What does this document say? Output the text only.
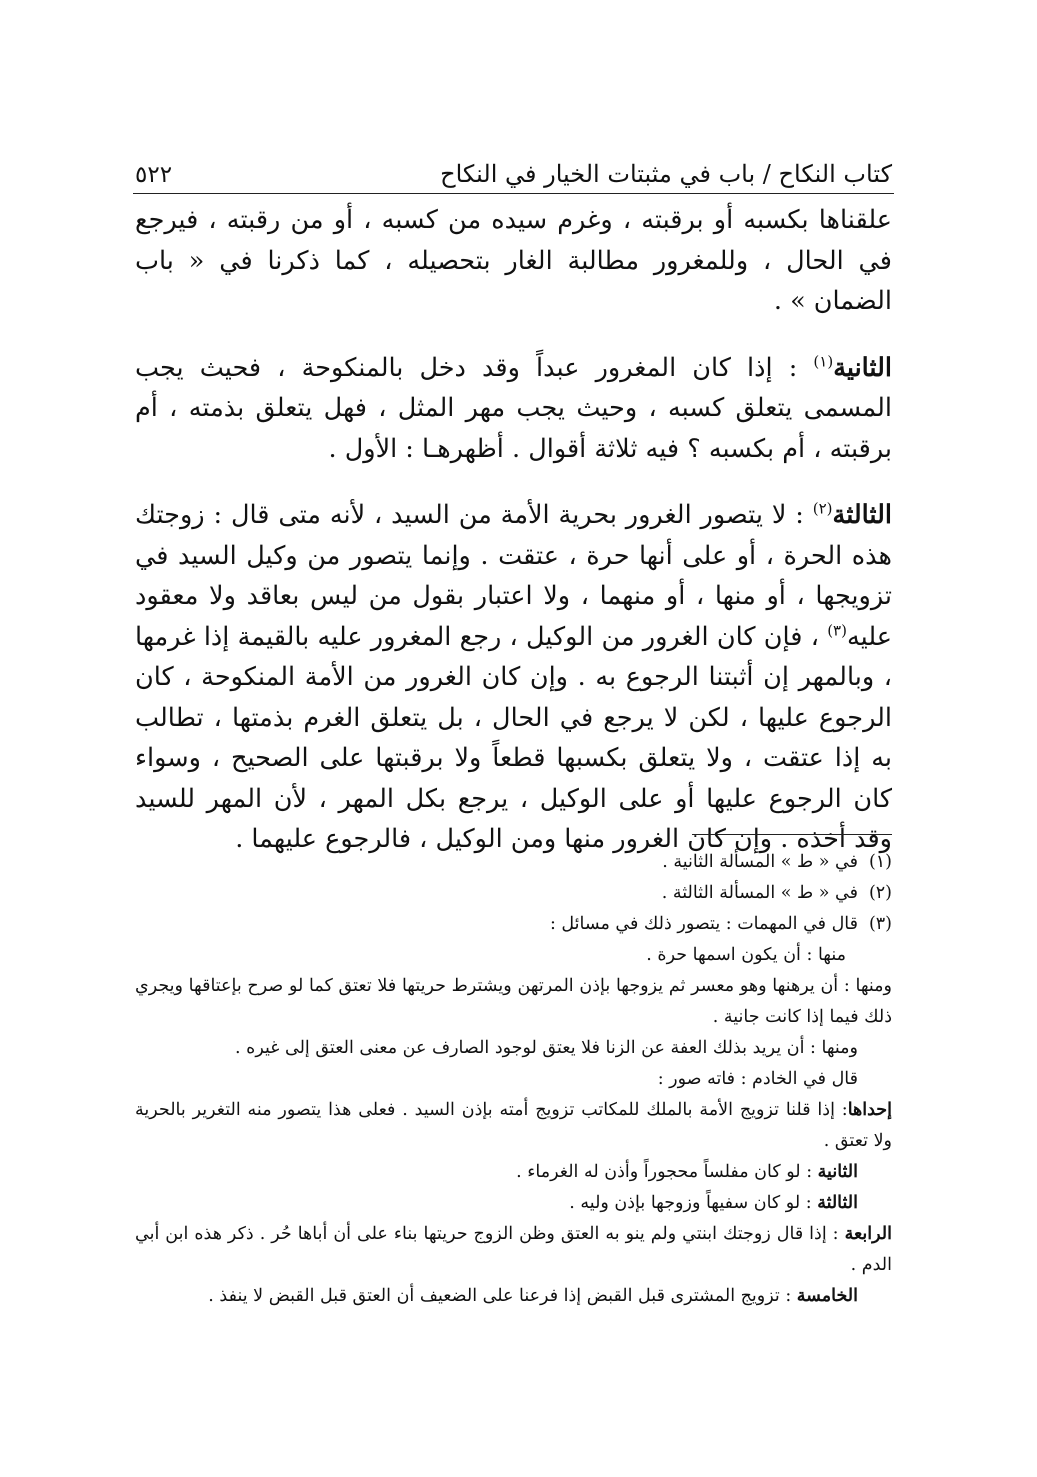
كتاب النكاح / باب في مثبتات الخيار في النكاح
٥٢٢

علقناها بكسبه أو برقبته ، وغرم سيده من كسبه ، أو من رقبته ، فيرجع في الحال ، وللمغرور مطالبة الغار بتحصيله ، كما ذكرنا في « باب الضمان » .

الثانية$^{(١)}$ : إذا كان المغرور عبداً وقد دخل بالمنكوحة ، فحيث يجب المسمى يتعلق كسبه ، وحيث يجب مهر المثل ، فهل يتعلق بذمته ، أم برقبته ، أم بكسبه ؟ فيه ثلاثة أقوال . أظهرهـا : الأول .

الثالثة$^{(٢)}$ : لا يتصور الغرور بحرية الأمة من السيد ، لأنه متى قال : زوجتك هذه الحرة ، أو على أنها حرة ، عتقت . وإنما يتصور من وكيل السيد في تزويجها ، أو منها ، أو منهما ، ولا اعتبار بقول من ليس بعاقد ولا معقود عليه$^{(٣)}$ ، فإن كان الغرور من الوكيل ، رجع المغرور عليه بالقيمة إذا غرمها ، وبالمهر إن أثبتنا الرجوع به . وإن كان الغرور من الأمة المنكوحة ، كان الرجوع عليها ، لكن لا يرجع في الحال ، بل يتعلق الغرم بذمتها ، تطالب به إذا عتقت ، ولا يتعلق بكسبها قطعاً ولا برقبتها على الصحيح ، وسواء كان الرجوع عليها أو على الوكيل ، يرجع بكل المهر ، لأن المهر للسيد وقد أخذه . وإن كان الغرور منها ومن الوكيل ، فالرجوع عليهما .

(١)في « ط » المسألة الثانية .

(٢)في « ط » المسألة الثالثة .

(٣)قال في المهمات : يتصور ذلك في مسائل :

منها : أن يكون اسمها حرة .

ومنها : أن يرهنها وهو معسر ثم يزوجها بإذن المرتهن ويشترط حريتها فلا تعتق كما لو صرح بإعتاقها ويجري ذلك فيما إذا كانت جانية .

ومنها : أن يريد بذلك العفة عن الزنا فلا يعتق لوجود الصارف عن معنى العتق إلى غيره .

قال في الخادم : فاته صور :

إحداها: إذا قلنا تزويج الأمة بالملك للمكاتب تزويج أمته بإذن السيد . فعلى هذا يتصور منه التغرير بالحرية ولا تعتق .

الثانية : لو كان مفلساً محجوراً وأذن له الغرماء .

الثالثة : لو كان سفيهاً وزوجها بإذن وليه .

الرابعة : إذا قال زوجتك ابنتي ولم ينو به العتق وظن الزوج حريتها بناء على أن أباها حُر . ذكر هذه ابن أبي الدم .

الخامسة : تزويج المشترى قبل القبض إذا فرعنا على الضعيف أن العتق قبل القبض لا ينفذ .
